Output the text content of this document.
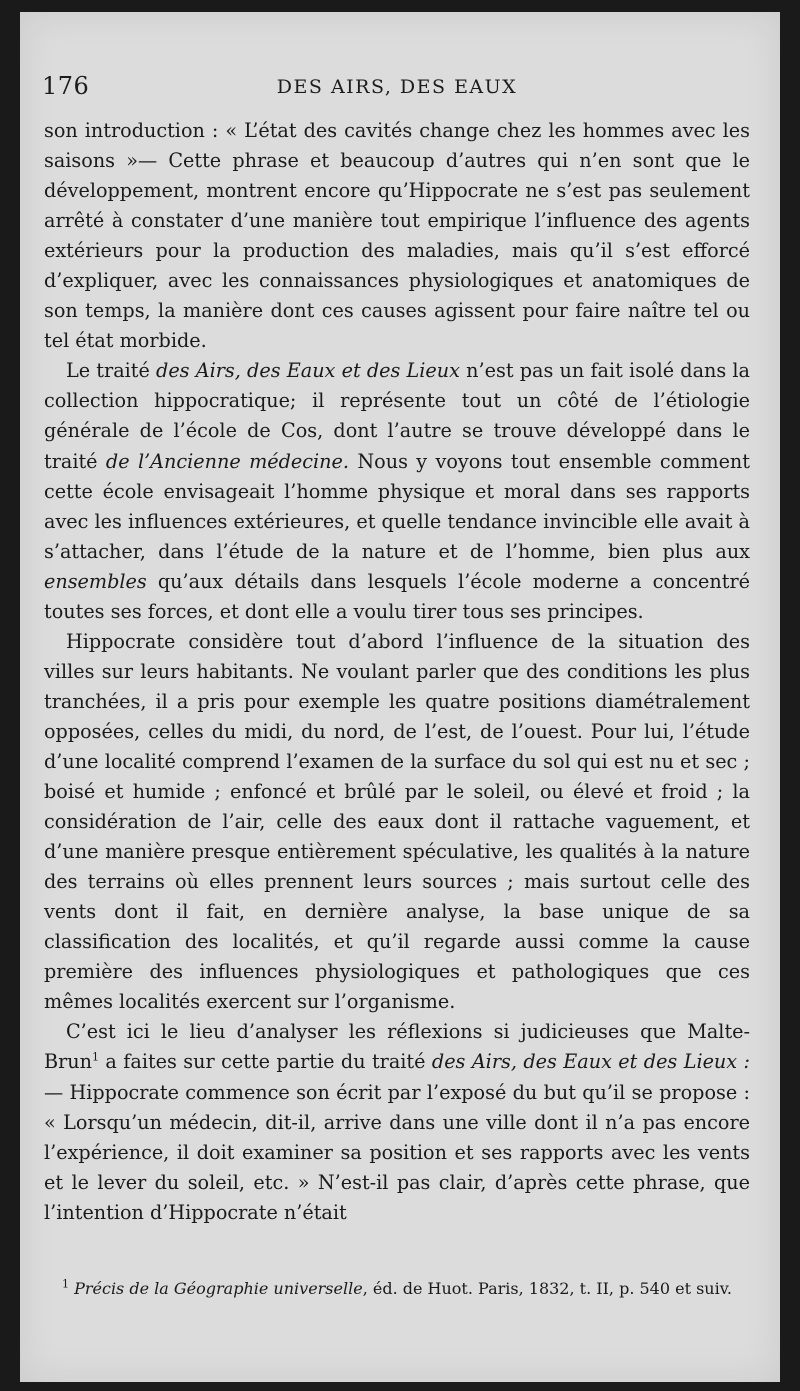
176	DES AIRS, DES EAUX

son introduction : « L’état des cavités change chez les hommes avec les saisons »— Cette phrase et beaucoup d’autres qui n’en sont que le développement, montrent encore qu’Hippocrate ne s’est pas seulement arrêté à constater d’une manière tout empirique l’influence des agents extérieurs pour la production des maladies, mais qu’il s’est efforcé d’expliquer, avec les connaissances physiologiques et anatomiques de son temps, la manière dont ces causes agissent pour faire naître tel ou tel état morbide.

Le traité des Airs, des Eaux et des Lieux n’est pas un fait isolé dans la collection hippocratique; il représente tout un côté de l’étiologie générale de l’école de Cos, dont l’autre se trouve développé dans le traité de l’Ancienne médecine. Nous y voyons tout ensemble comment cette école envisageait l’homme physique et moral dans ses rapports avec les influences extérieures, et quelle tendance invincible elle avait à s’attacher, dans l’étude de la nature et de l’homme, bien plus aux ensembles qu’aux détails dans lesquels l’école moderne a concentré toutes ses forces, et dont elle a voulu tirer tous ses principes.

Hippocrate considère tout d’abord l’influence de la situation des villes sur leurs habitants. Ne voulant parler que des conditions les plus tranchées, il a pris pour exemple les quatre positions diamétralement opposées, celles du midi, du nord, de l’est, de l’ouest. Pour lui, l’étude d’une localité comprend l’examen de la surface du sol qui est nu et sec ; boisé et humide ; enfoncé et brûlé par le soleil, ou élevé et froid ; la considération de l’air, celle des eaux dont il rattache vaguement, et d’une manière presque entièrement spéculative, les qualités à la nature des terrains où elles prennent leurs sources ; mais surtout celle des vents dont il fait, en dernière analyse, la base unique de sa classification des localités, et qu’il regarde aussi comme la cause première des influences physiologiques et pathologiques que ces mêmes localités exercent sur l’organisme.

C’est ici le lieu d’analyser les réflexions si judicieuses que Malte-Brun$^1$ a faites sur cette partie du traité des Airs, des Eaux et des Lieux : — Hippocrate commence son écrit par l’exposé du but qu’il se propose : « Lorsqu’un médecin, dit-il, arrive dans une ville dont il n’a pas encore l’expérience, il doit examiner sa position et ses rapports avec les vents et le lever du soleil, etc. » N’est-il pas clair, d’après cette phrase, que l’intention d’Hippocrate n’était

$^1$ Précis de la Géographie universelle, éd. de Huot. Paris, 1832, t. II, p. 540 et suiv.
